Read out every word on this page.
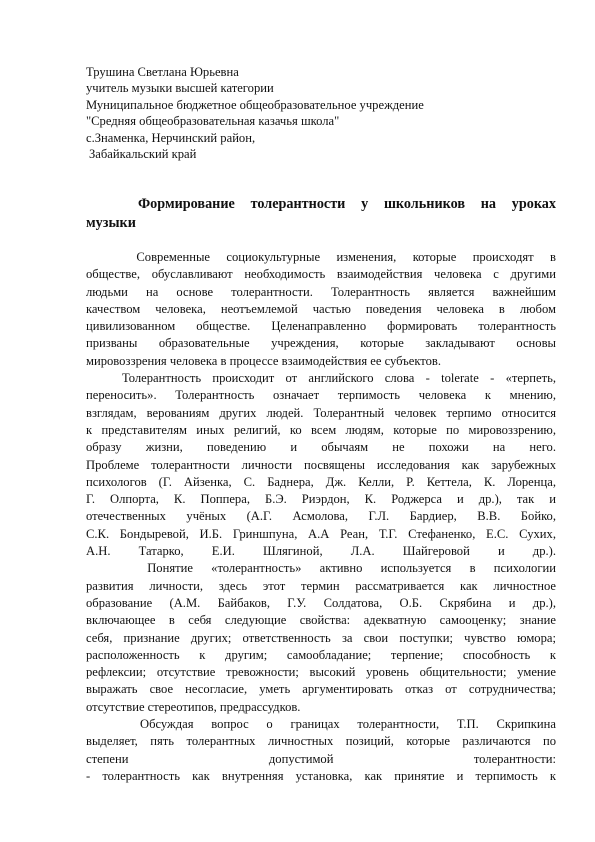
Трушина Светлана Юрьевна
учитель музыки высшей категории
Муниципальное бюджетное общеобразовательное учреждение
"Средняя общеобразовательная казачья школа"
с.Знаменка, Нерчинский район,
Забайкальский край
Формирование толерантности у школьников на уроках
музыки
Современные социокультурные изменения, которые происходят в
обществе, обуславливают необходимость взаимодействия человека с другими
людьми на основе толерантности. Толерантность является важнейшим
качеством человека, неотъемлемой частью поведения человека в любом
цивилизованном обществе. Целенаправленно формировать толерантность
призваны образовательные учреждения, которые закладывают основы
мировоззрения человека в процессе взаимодействия ее субъектов.
Толерантность происходит от английского слова - tolerate - «терпеть,
переносить». Толерантность означает терпимость человека к мнению,
взглядам, верованиям других людей. Толерантный человек терпимо относится
к представителям иных религий, ко всем людям, которые по мировоззрению,
образу жизни, поведению и обычаям не похожи на него.
Проблеме толерантности личности посвящены исследования как зарубежных
психологов (Г. Айзенка, С. Баднера, Дж. Келли, Р. Кеттела, К. Лоренца,
Г. Олпорта, К. Поппера, Б.Э. Риэрдон, К. Роджерса и др.), так и
отечественных учёных (А.Г. Асмолова, Г.Л. Бардиер, В.В. Бойко,
С.К. Бондыревой, И.Б. Гриншпуна, А.А Реан, Т.Г. Стефаненко, Е.С. Сухих,
А.Н. Татарко, Е.И. Шлягиной, Л.А. Шайгеровой и др.).
Понятие «толерантность» активно используется в психологии
развития личности, здесь этот термин рассматривается как личностное
образование (А.М. Байбаков, Г.У. Солдатова, О.Б. Скрябина и др.),
включающее в себя следующие свойства: адекватную самооценку; знание
себя, признание других; ответственность за свои поступки; чувство юмора;
расположенность к другим; самообладание; терпение; способность к
рефлексии; отсутствие тревожности; высокий уровень общительности; умение
выражать свое несогласие, уметь аргументировать отказ от сотрудничества;
отсутствие стереотипов, предрассудков.
Обсуждая вопрос о границах толерантности, Т.П. Скрипкина
выделяет, пять толерантных личностных позиций, которые различаются по
степени допустимой толерантности:
- толерантность как внутренняя установка, как принятие и терпимость к
